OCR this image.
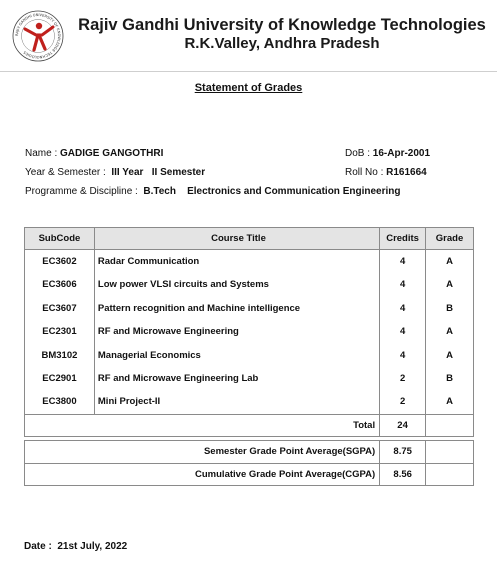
RAJIV GANDHI UNIVERSITY OF KNOWLEDGE TECHNOLOGIES
Rajiv Gandhi University of Knowledge Technologies
R.K.Valley, Andhra Pradesh
Statement of Grades
Name : GADIGE GANGOTHRI	DoB : 16-Apr-2001
Year & Semester : III Year II Semester	Roll No : R161664
Programme & Discipline : B.Tech Electronics and Communication Engineering
SubCode	Course Title	Credits	Grade
EC3602	Radar Communication	4	A
EC3606	Low power VLSI circuits and Systems	4	A
EC3607	Pattern recognition and Machine intelligence	4	B
EC2301	RF and Microwave Engineering	4	A
BM3102	Managerial Economics	4	A
EC2901	RF and Microwave Engineering Lab	2	B
EC3800	Mini Project-II	2	A
Total		24	
Semester Grade Point Average(SGPA)	8.75	
Cumulative Grade Point Average(CGPA)	8.56	
Date : 21st July, 2022
